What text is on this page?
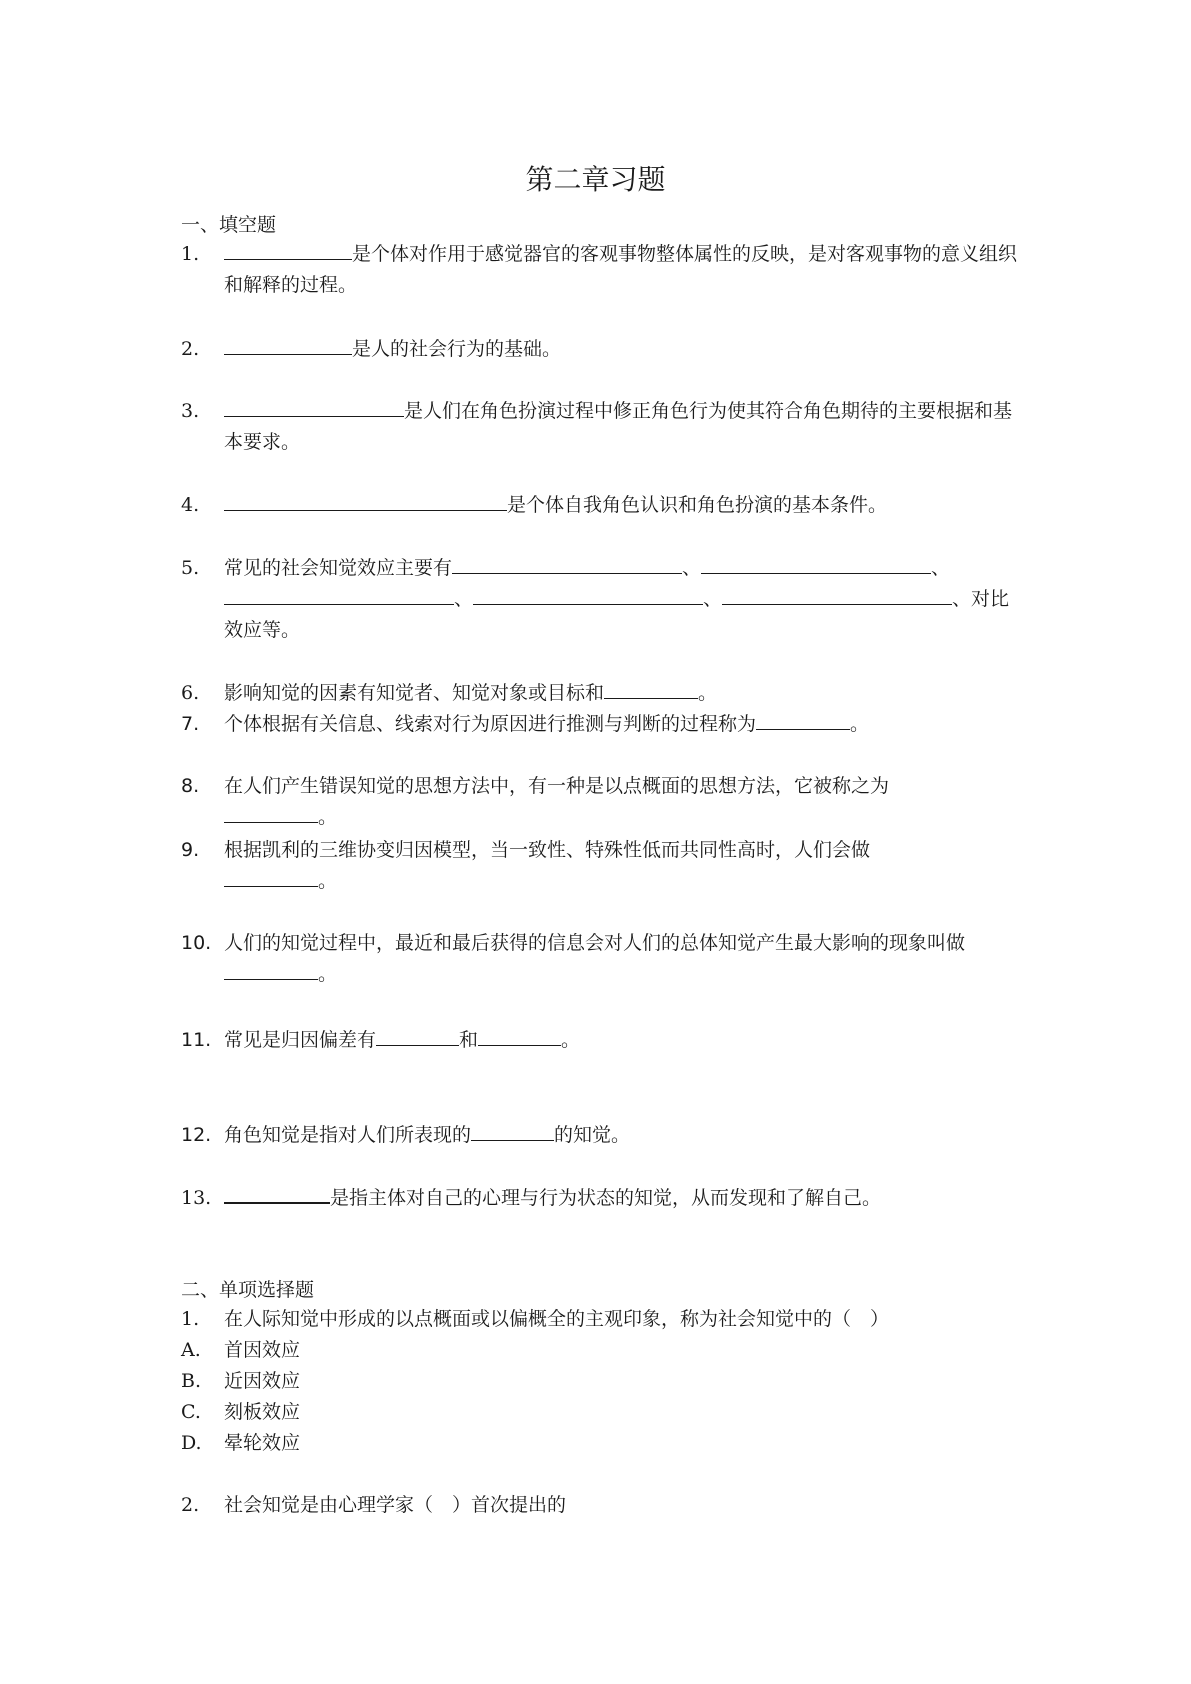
第二章习题
一、填空题
1.	是个体对作用于感觉器官的客观事物整体属性的反映，是对客观事物的意义组织和解释的过程。
2.	是人的社会行为的基础。
3.	是人们在角色扮演过程中修正角色行为使其符合角色期待的主要根据和基本要求。
4.	是个体自我角色认识和角色扮演的基本条件。
5.	常见的社会知觉效应主要有	、	、
、	、	、对比效应等。
6.	影响知觉的因素有知觉者、知觉对象或目标和	。
7.	个体根据有关信息、线索对行为原因进行推测与判断的过程称为	。
8.	在人们产生错误知觉的思想方法中，有一种是以点概面的思想方法，它被称之为
。
9.	根据凯利的三维协变归因模型，当一致性、特殊性低而共同性高时，人们会做
。
10. 人们的知觉过程中，最近和最后获得的信息会对人们的总体知觉产生最大影响的现象叫做。
11. 常见是归因偏差有	和	。
12. 角色知觉是指对人们所表现的	的知觉。
13.	是指主体对自己的心理与行为状态的知觉，从而发现和了解自己。
二、单项选择题
1.	在人际知觉中形成的以点概面或以偏概全的主观印象，称为社会知觉中的（　）
A. 首因效应
B. 近因效应
C. 刻板效应
D. 晕轮效应
2.	社会知觉是由心理学家（　）首次提出的
